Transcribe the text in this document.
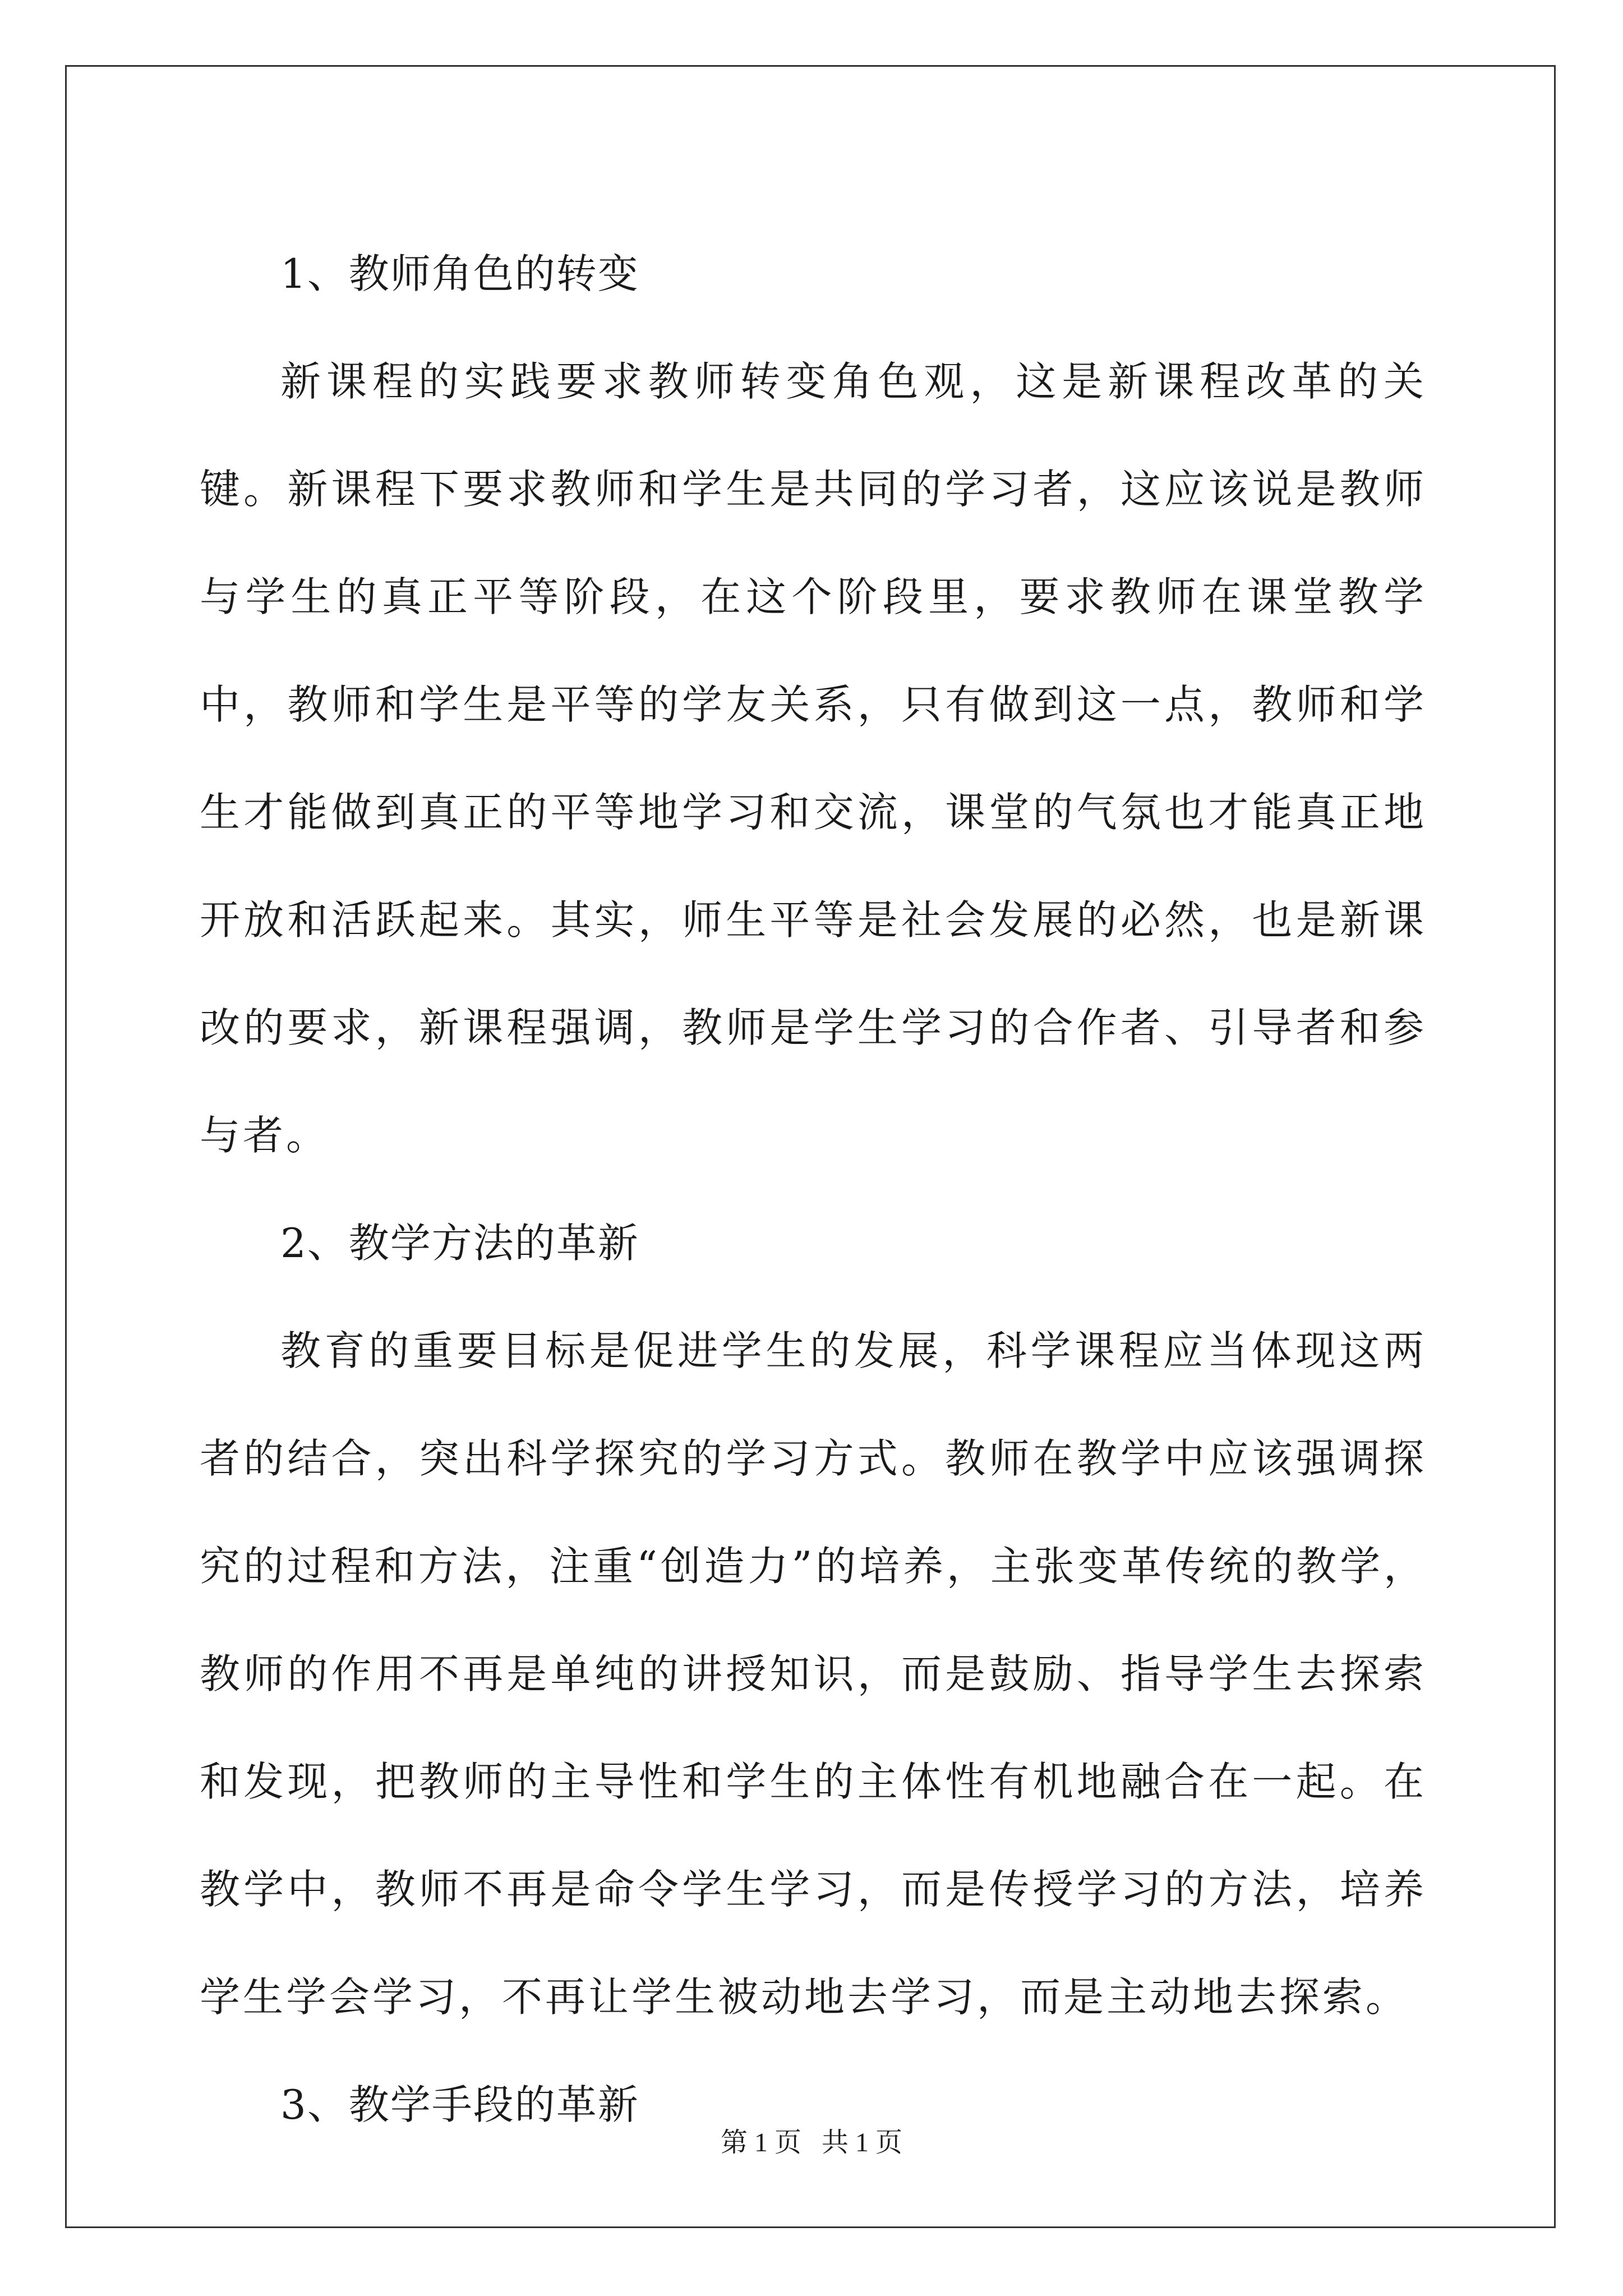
1、教师角色的转变

新课程的实践要求教师转变角色观，这是新课程改革的关键。新课程下要求教师和学生是共同的学习者，这应该说是教师与学生的真正平等阶段，在这个阶段里，要求教师在课堂教学中，教师和学生是平等的学友关系，只有做到这一点，教师和学生才能做到真正的平等地学习和交流，课堂的气氛也才能真正地开放和活跃起来。其实，师生平等是社会发展的必然，也是新课改的要求，新课程强调，教师是学生学习的合作者、引导者和参与者。

2、教学方法的革新

教育的重要目标是促进学生的发展，科学课程应当体现这两者的结合，突出科学探究的学习方式。教师在教学中应该强调探究的过程和方法，注重“创造力”的培养，主张变革传统的教学，教师的作用不再是单纯的讲授知识，而是鼓励、指导学生去探索和发现，把教师的主导性和学生的主体性有机地融合在一起。在教学中，教师不再是命令学生学习，而是传授学习的方法，培养学生学会学习，不再让学生被动地去学习，而是主动地去探索。

3、教学手段的革新

第 1 页   共 1 页
